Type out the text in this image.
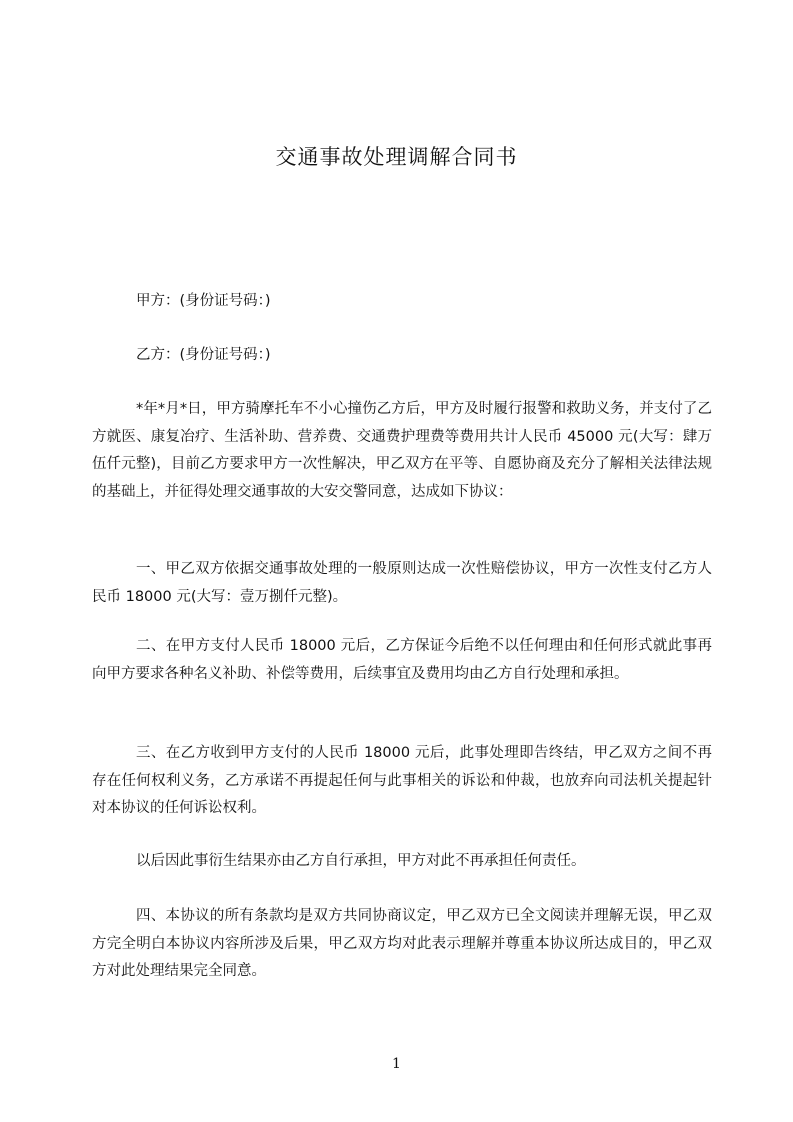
交通事故处理调解合同书
甲方：(身份证号码：)
乙方：(身份证号码：)
*年*月*日，甲方骑摩托车不小心撞伤乙方后，甲方及时履行报警和救助义务，并支付了乙方就医、康复冶疗、生活补助、营养费、交通费护理费等费用共计人民币 45000 元(大写：肆万伍仟元整)，目前乙方要求甲方一次性解决，甲乙双方在平等、自愿协商及充分了解相关法律法规的基础上，并征得处理交通事故的大安交警同意，达成如下协议：
一、甲乙双方依据交通事故处理的一般原则达成一次性赔偿协议，甲方一次性支付乙方人民币 18000 元(大写：壹万捌仟元整)。
二、在甲方支付人民币 18000 元后，乙方保证今后绝不以任何理由和任何形式就此事再向甲方要求各种名义补助、补偿等费用，后续事宜及费用均由乙方自行处理和承担。
三、在乙方收到甲方支付的人民币 18000 元后，此事处理即告终结，甲乙双方之间不再存在任何权利义务，乙方承诺不再提起任何与此事相关的诉讼和仲裁，也放弃向司法机关提起针对本协议的任何诉讼权利。
以后因此事衍生结果亦由乙方自行承担，甲方对此不再承担任何责任。
四、本协议的所有条款均是双方共同协商议定，甲乙双方已全文阅读并理解无误，甲乙双方完全明白本协议内容所涉及后果，甲乙双方均对此表示理解并尊重本协议所达成目的，甲乙双方对此处理结果完全同意。
1
